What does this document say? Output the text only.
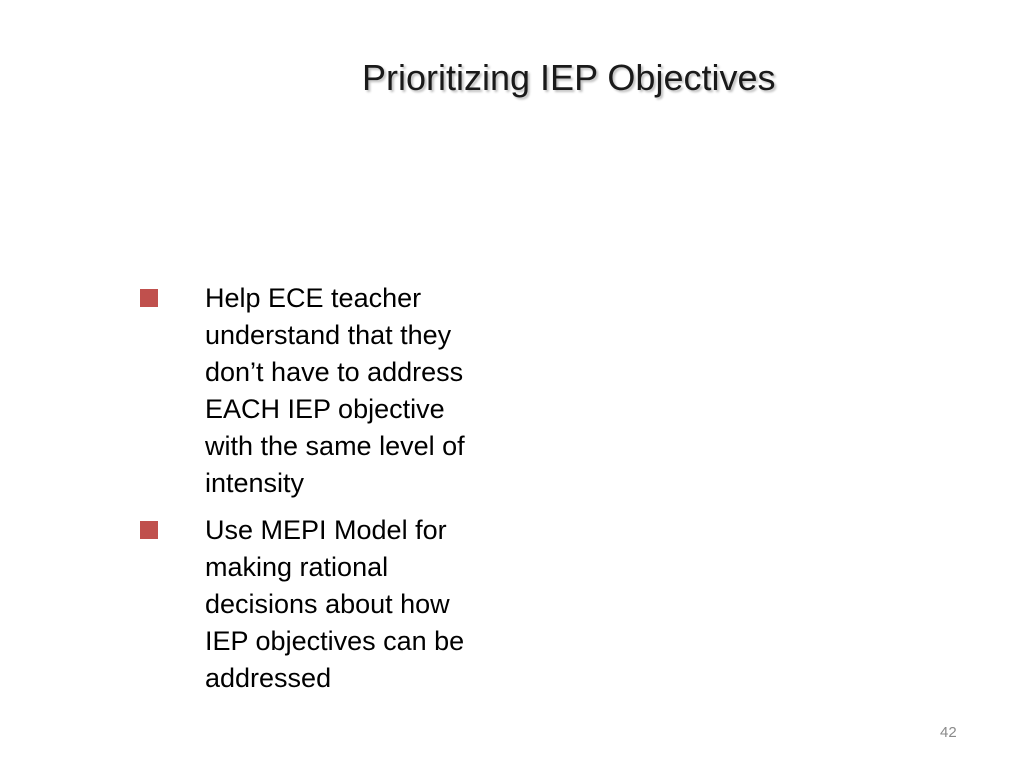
Prioritizing IEP Objectives
Help ECE teacher
understand that they
don’t have to address
EACH IEP objective
with the same level of
intensity
Use MEPI Model for
making rational
decisions about how
IEP objectives can be
addressed
42
